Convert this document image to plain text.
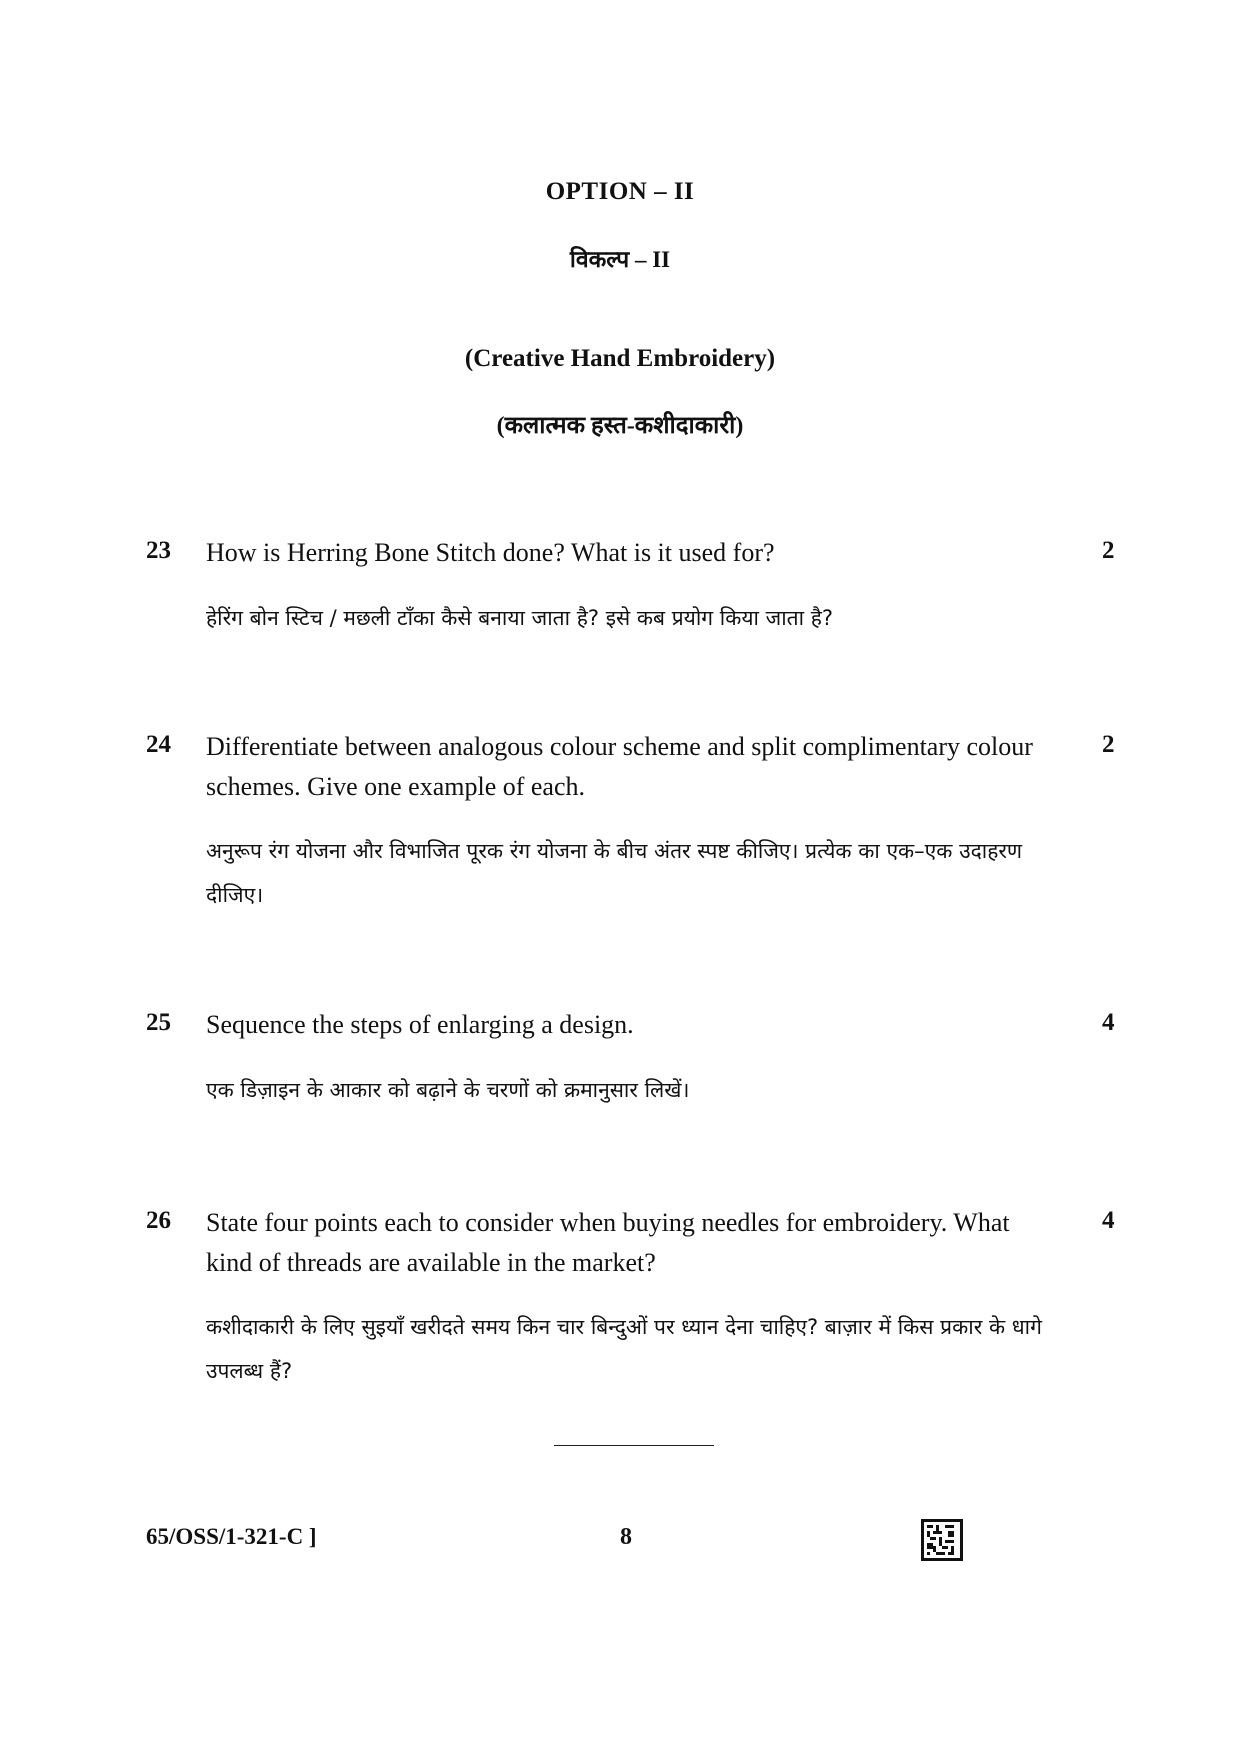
OPTION – II
विकल्प – II
(Creative Hand Embroidery)
(कलात्मक हस्त-कशीदाकारी)
23 How is Herring Bone Stitch done? What is it used for?	2
हेरिंग बोन स्टिच / मछली टाँका कैसे बनाया जाता है? इसे कब प्रयोग किया जाता है?
24 Differentiate between analogous colour scheme and split complimentary colour schemes. Give one example of each.
2
अनुरूप रंग योजना और विभाजित पूरक रंग योजना के बीच अंतर स्पष्ट कीजिए। प्रत्येक का एक–एक उदाहरण दीजिए।
25 Sequence the steps of enlarging a design.	4
एक डिज़ाइन के आकार को बढ़ाने के चरणों को क्रमानुसार लिखें।
26 State four points each to consider when buying needles for embroidery. What kind of threads are available in the market?
4
कशीदाकारी के लिए सुइयाँ खरीदते समय किन चार बिन्दुओं पर ध्यान देना चाहिए? बाज़ार में किस प्रकार के धागे उपलब्ध हैं?
65/OSS/1-321-C ]	8
